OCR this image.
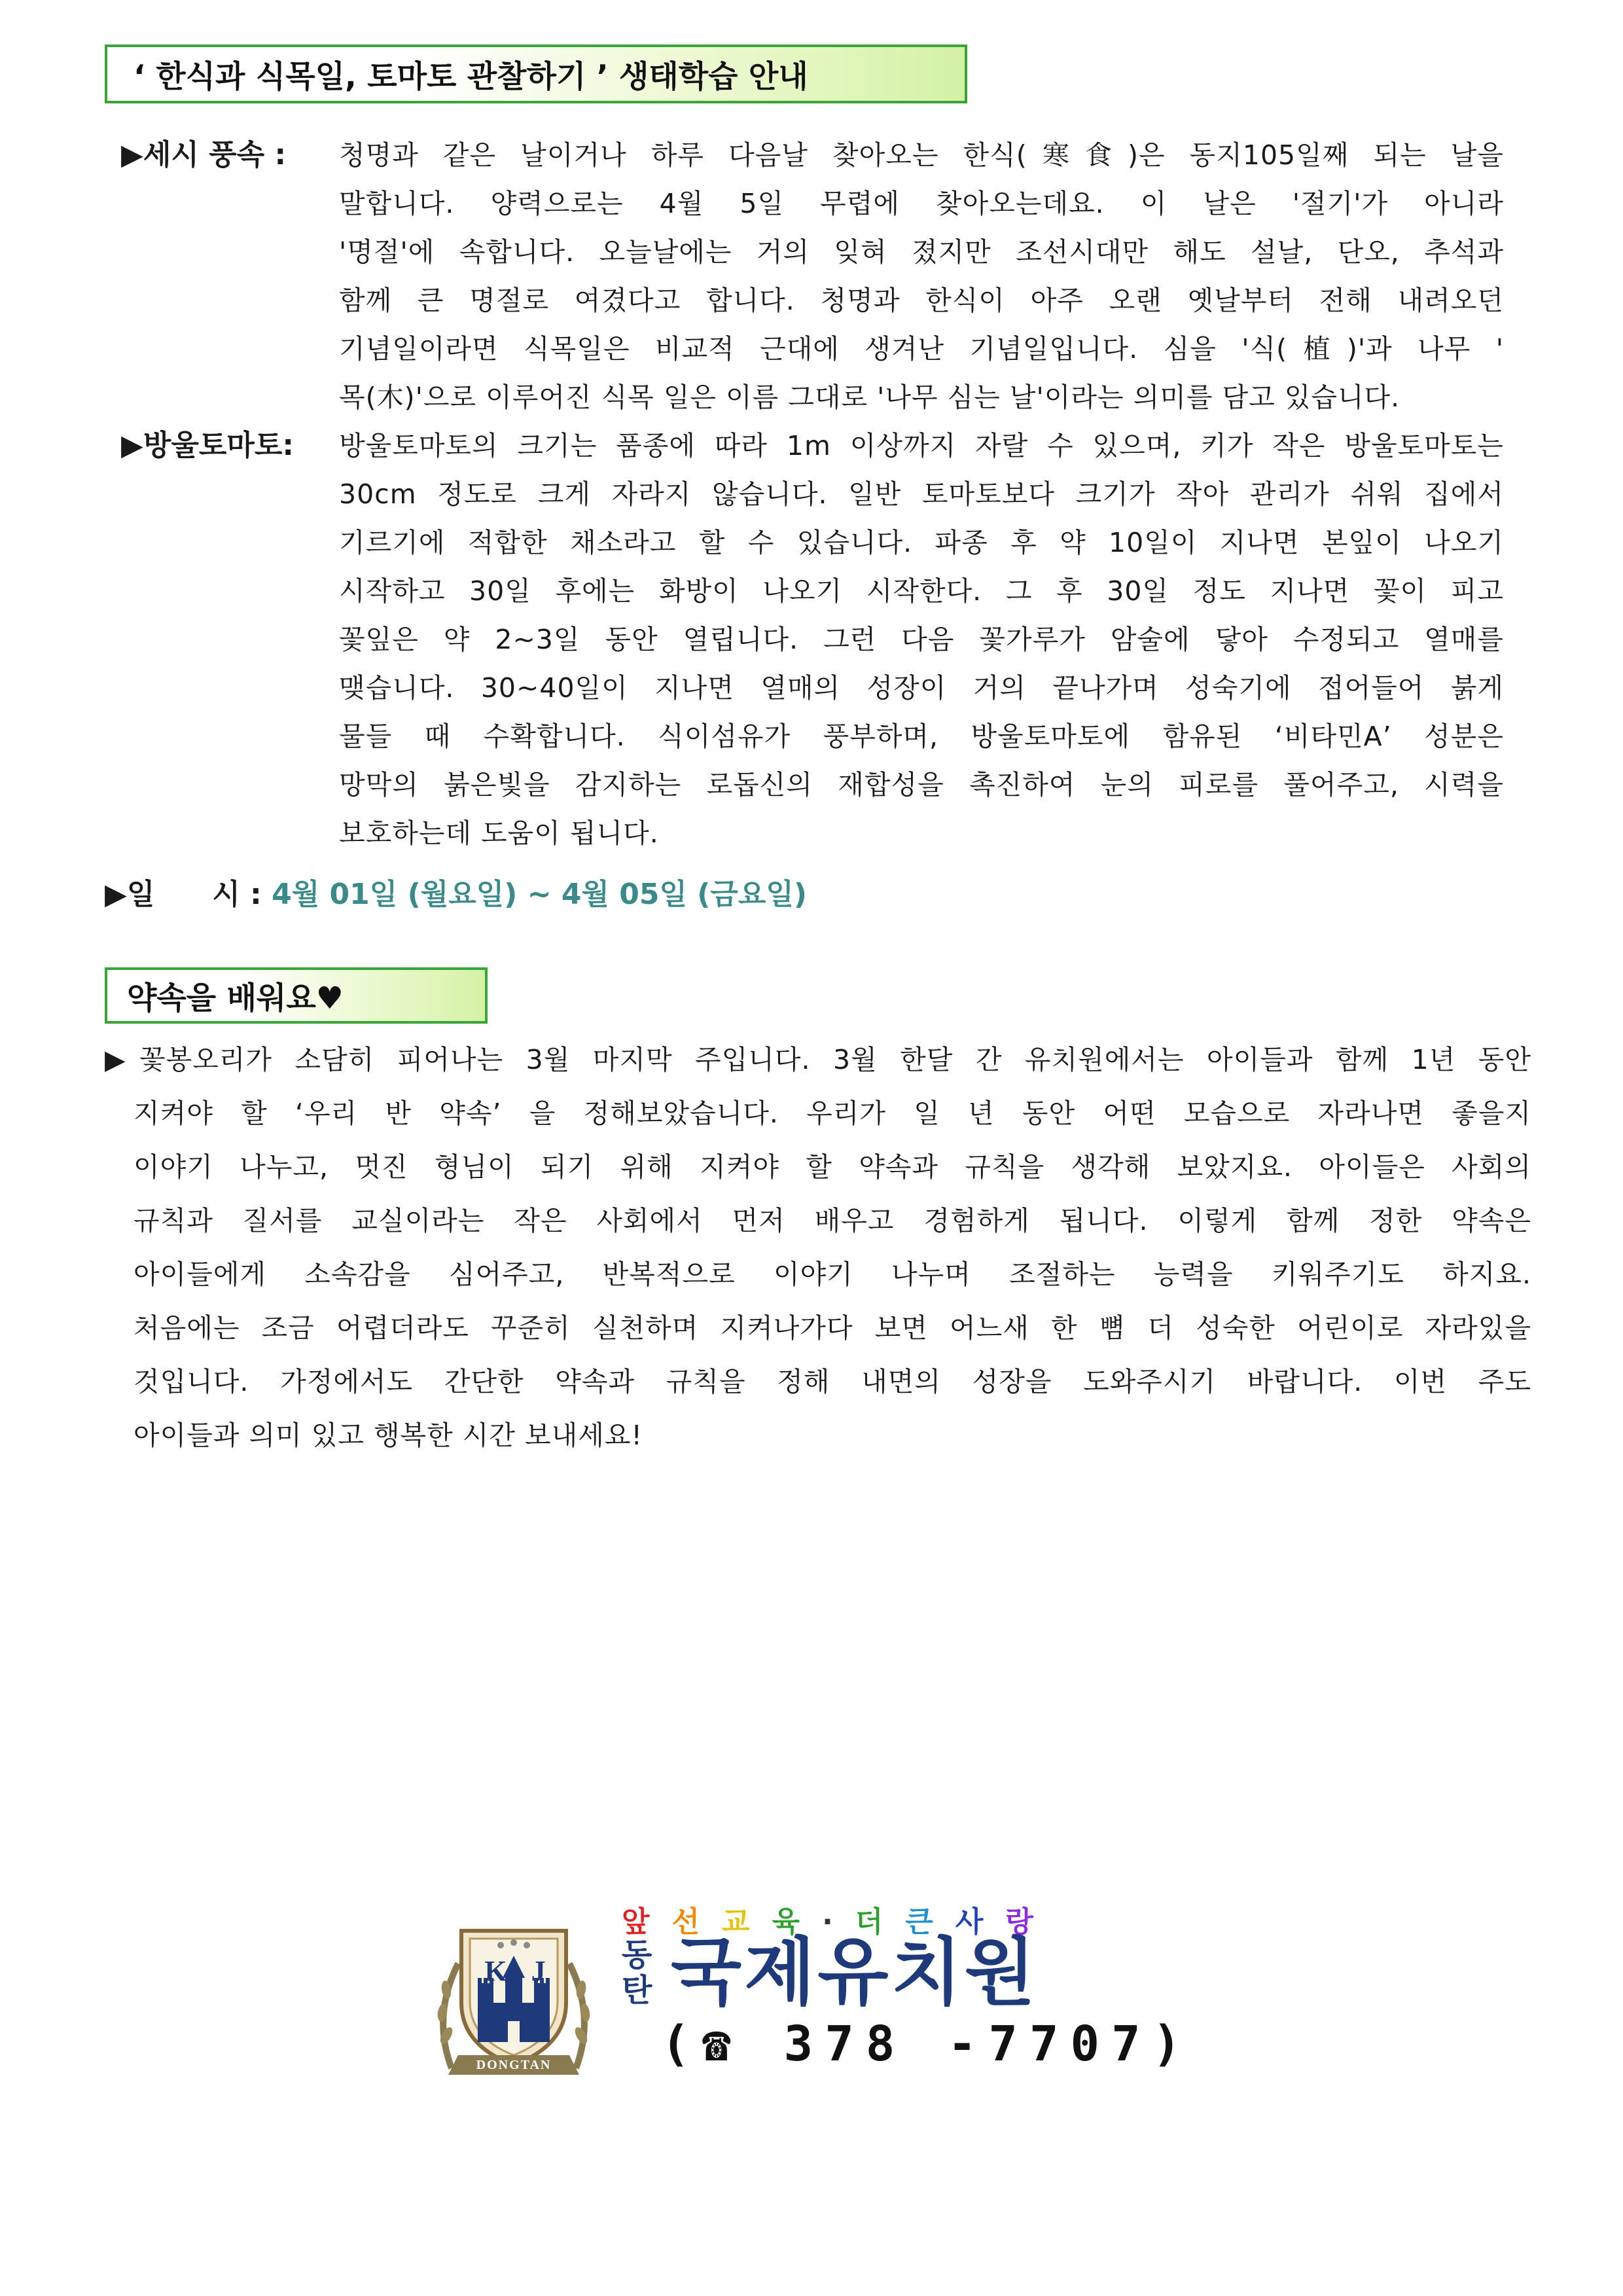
‘ 한식과 식목일, 토마토 관찰하기 ’ 생태학습 안내
▶세시 풍속 : 청명과 같은 날이거나 하루 다음날 찾아오는 한식(寒食)은 동지105일째 되는 날을
말합니다. 양력으로는 4월 5일 무렵에 찾아오는데요. 이 날은 '절기'가 아니라
'명절'에 속합니다. 오늘날에는 거의 잊혀 졌지만 조선시대만 해도 설날, 단오, 추석과
함께 큰 명절로 여겼다고 합니다. 청명과 한식이 아주 오랜 옛날부터 전해 내려오던
기념일이라면 식목일은 비교적 근대에 생겨난 기념일입니다. 심을 '식(植)'과 나무 '
목(木)'으로 이루어진 식목 일은 이름 그대로 '나무 심는 날'이라는 의미를 담고 있습니다.
▶방울토마토: 방울토마토의 크기는 품종에 따라 1m 이상까지 자랄 수 있으며, 키가 작은 방울토마토는
30cm 정도로 크게 자라지 않습니다. 일반 토마토보다 크기가 작아 관리가 쉬워 집에서
기르기에 적합한 채소라고 할 수 있습니다. 파종 후 약 10일이 지나면 본잎이 나오기
시작하고 30일 후에는 화방이 나오기 시작한다. 그 후 30일 정도 지나면 꽃이 피고
꽃잎은 약 2~3일 동안 열립니다. 그런 다음 꽃가루가 암술에 닿아 수정되고 열매를
맺습니다. 30~40일이 지나면 열매의 성장이 거의 끝나가며 성숙기에 접어들어 붉게
물들 때 수확합니다. 식이섬유가 풍부하며, 방울토마토에 함유된 ‘비타민A’ 성분은
망막의 붉은빛을 감지하는 로돕신의 재합성을 촉진하여 눈의 피로를 풀어주고, 시력을
보호하는데 도움이 됩니다.
▶일　　시 : 4월 01일 (월요일) ~ 4월 05일 (금요일)
약속을 배워요♥
▶꽃봉오리가 소담히 피어나는 3월 마지막 주입니다. 3월 한달 간 유치원에서는 아이들과 함께 1년 동안
지켜야 할 ‘우리 반 약속’ 을 정해보았습니다. 우리가 일 년 동안 어떤 모습으로 자라나면 좋을지
이야기 나누고, 멋진 형님이 되기 위해 지켜야 할 약속과 규칙을 생각해 보았지요. 아이들은 사회의
규칙과 질서를 교실이라는 작은 사회에서 먼저 배우고 경험하게 됩니다. 이렇게 함께 정한 약속은
아이들에게 소속감을 심어주고, 반복적으로 이야기 나누며 조절하는 능력을 키워주기도 하지요.
처음에는 조금 어렵더라도 꾸준히 실천하며 지켜나가다 보면 어느새 한 뼘 더 성숙한 어린이로 자라있을
것입니다. 가정에서도 간단한 약속과 규칙을 정해 내면의 성장을 도와주시기 바랍니다. 이번 주도
아이들과 의미 있고 행복한 시간 보내세요!
K J
DONGTAN
앞선교육·더큰사랑
동
탄 국제유치원
(☎ 378 -7707)
